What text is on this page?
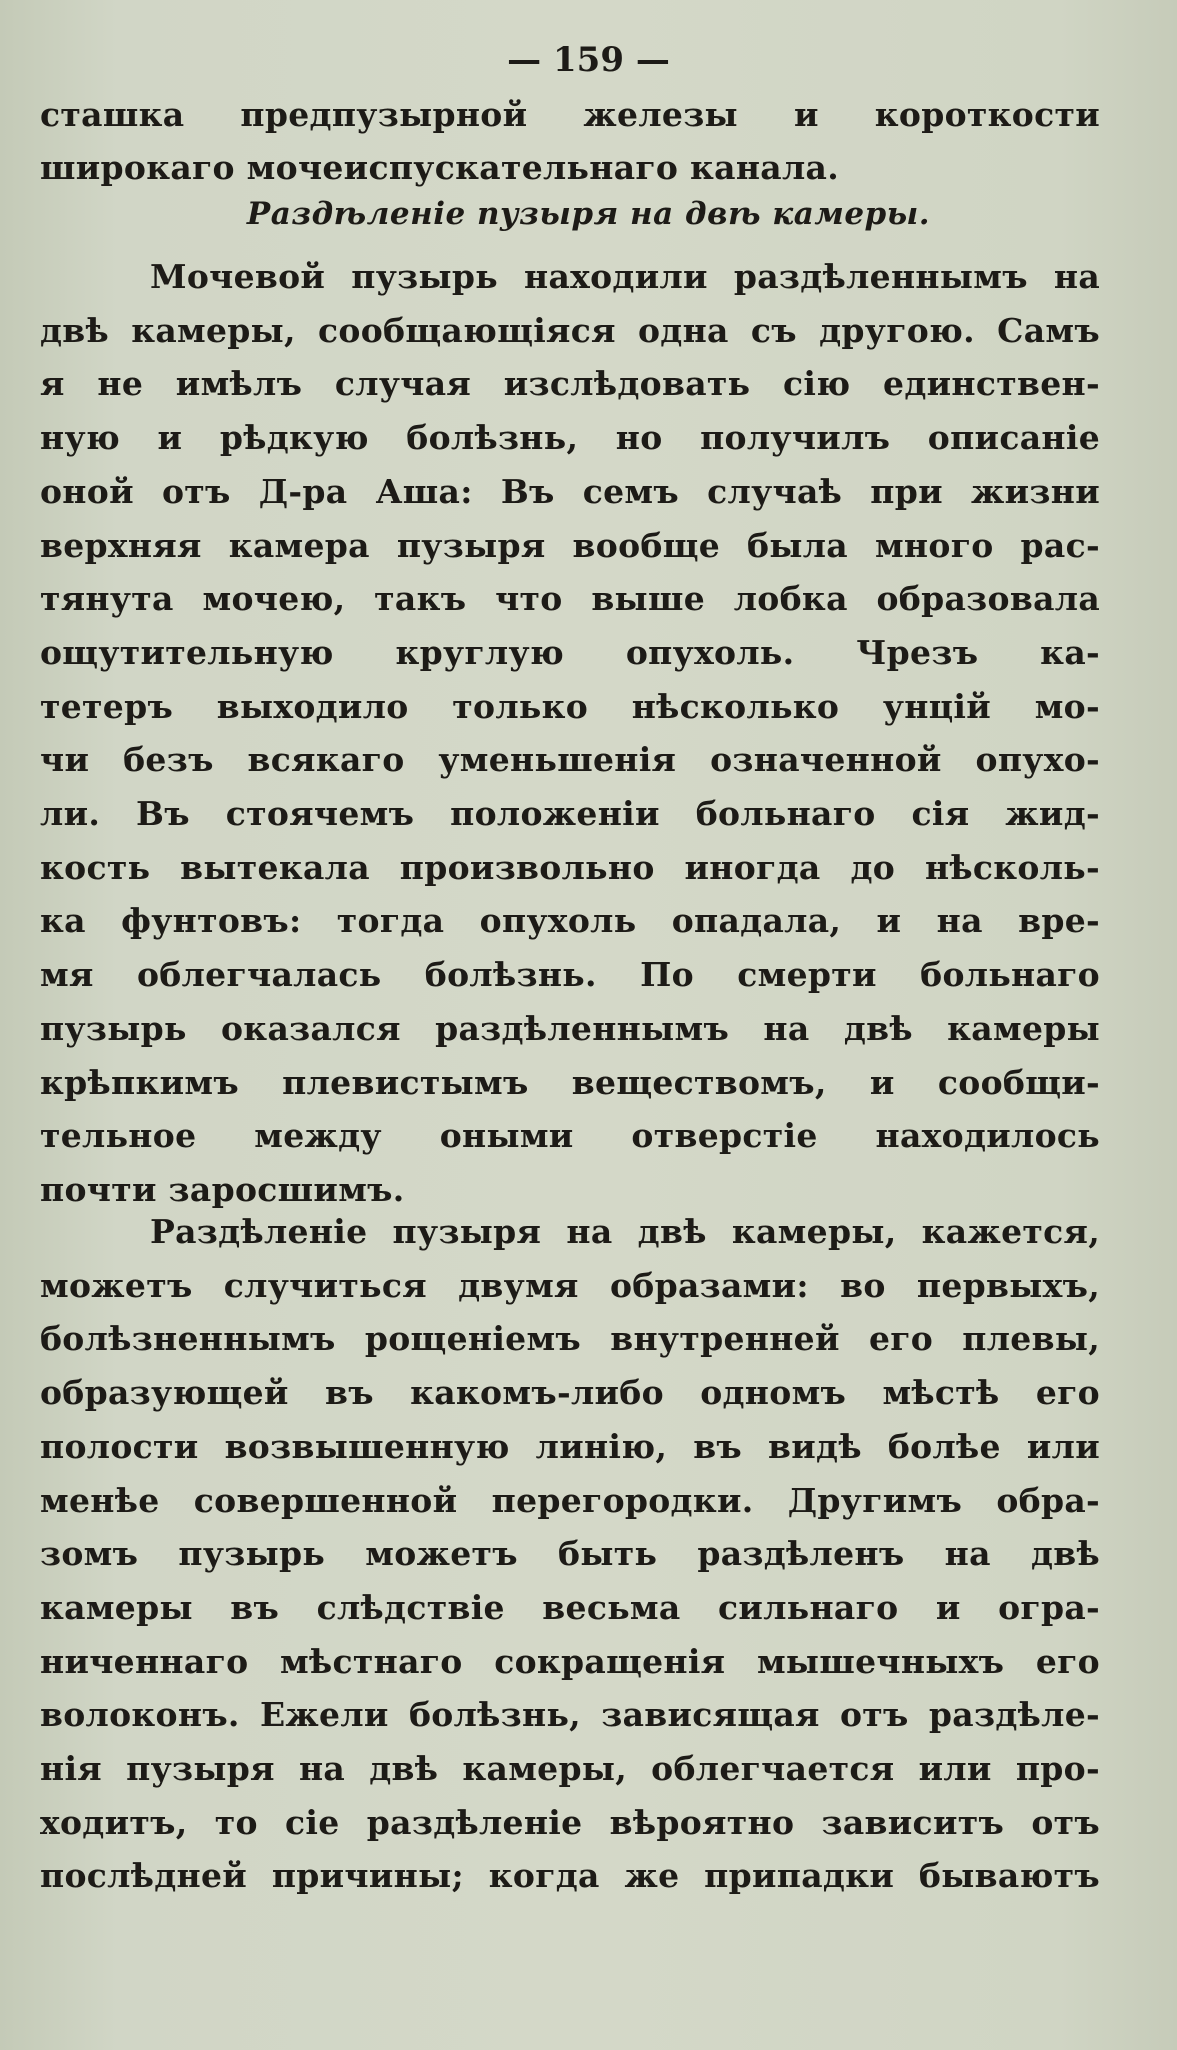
— 159 —
сташка предпузырной железы и короткости
широкаго мочеиспускательнаго канала.
Мочевой пузырь находили раздѣленнымъ на
двѣ камеры, сообщающіяся одна съ другою. Самъ
я не имѣлъ случая изслѣдовать сію единствен-
ную и рѣдкую болѣзнь, но получилъ описаніе
оной отъ Д-ра Аша: Въ семъ случаѣ при жизни
верхняя камера пузыря вообще была много рас-
тянута мочею, такъ что выше лобка образовала
ощутительную круглую опухоль. Чрезъ ка-
тетеръ выходило только нѣсколько унцій мо-
чи безъ всякаго уменьшенія означенной опухо-
ли. Въ стоячемъ положеніи больнаго сія жид-
кость вытекала произвольно иногда до нѣсколь-
ка фунтовъ: тогда опухоль опадала, и на вре-
мя облегчалась болѣзнь. По смерти больнаго
пузырь оказался раздѣленнымъ на двѣ камеры
крѣпкимъ плевистымъ веществомъ, и сообщи-
тельное между оными отверстіе находилось
почти заросшимъ.
Раздѣленіе пузыря на двѣ камеры, кажется,
можетъ случиться двумя образами: во первыхъ,
болѣзненнымъ рощеніемъ внутренней его плевы,
образующей въ какомъ-либо одномъ мѣстѣ его
полости возвышенную линію, въ видѣ болѣе или
менѣе совершенной перегородки. Другимъ обра-
зомъ пузырь можетъ быть раздѣленъ на двѣ
камеры въ слѣдствіе весьма сильнаго и огра-
ниченнаго мѣстнаго сокращенія мышечныхъ его
волоконъ. Ежели болѣзнь, зависящая отъ раздѣле-
нія пузыря на двѣ камеры, облегчается или про-
ходитъ, то сіе раздѣленіе вѣроятно зависитъ отъ
послѣдней причины; когда же припадки бываютъ
Раздѣленіе пузыря на двѣ камеры.
